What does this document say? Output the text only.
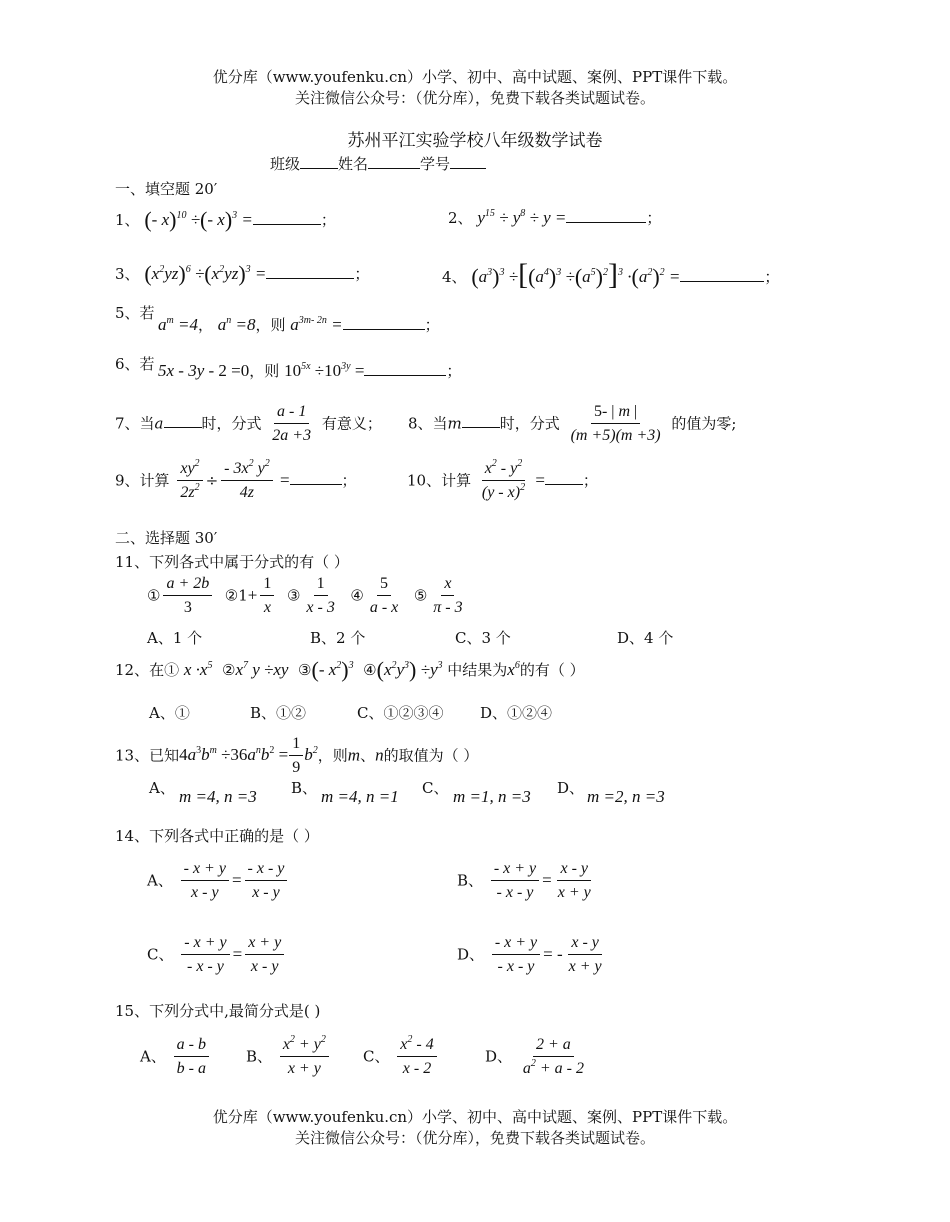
优分库（www.youfenku.cn）小学、初中、高中试题、案例、PPT课件下载。
关注微信公众号：（优分库），免费下载各类试题试卷。
苏州平江实验学校八年级数学试卷
班级	姓名	学号
一、填空题 20′
1、 (- x)$^{10}$ ÷(- x)$^3$ =	；	2、 $y^{15} \div y^8 \div y$ =	；
3、 $(x^2yz)^6 \div(x^2yz)^3$ =	；	4、 $(a^3)^3 \div[(a^4)^3 \div(a^5)^2]^3 \cdot(a^2)^2$ =	；
5、若
$a^m =4$， $a^n =8$，则 $a^{3m- 2n}$ =	；
6、若 5x - 3y - 2 =0，则 $10^{5x} \div 10^{3y}$ =	；
7、当a	时，分式 $\frac{a - 1}{2a +3}$ 有意义； 8、当m	时，分式 $\frac{5- | m |}{(m +5)(m +3)}$ 的值为零;
9、计算 $\frac{xy^2}{2z^2} \div \frac{- 3x^2 y^2}{4z}$ =	；	10、计算 $\frac{x^2 - y^2}{(y - x)^2}$ =	；
二、选择题 30′
11、下列各式中属于分式的有（ ）
① $\frac{a + 2b}{3}$ ②1+ $\frac{1}{x}$ ③ $\frac{1}{x - 3}$ ④ $\frac{5}{a - x}$ ⑤ $\frac{x}{\pi - 3}$
A、1 个	B、2 个	C、3 个	D、4 个
12、在① $x \cdot x^5$ $②x^7$ y ÷xy ③(- $x^2)^3$ $④(x^2y^3) \div y^3$ 中结果为$x^6$的有（ ）
A、①	B、①②	C、①②③④ D、①②④
13、已知$4a^3b^m \div 36a^nb^2 = \frac{1}{9} b^2$，则m、n的取值为（ ）
A、 m =4, n =3 B、 m =4, n =1 C、 m =1, n =3 D、 m =2, n =3
14、下列各式中正确的是（ ）
A、 $\frac{- x + y}{x - y} = \frac{- x - y}{x - y}$	B、 $\frac{- x + y}{- x - y} = \frac{x - y}{x + y}$
C、 $\frac{- x + y}{- x - y} = \frac{x + y}{x - y}$	D、 $\frac{- x + y}{- x - y}$ = - $\frac{x - y}{x + y}$
15、下列分式中,最简分式是( )
A、 $\frac{a - b}{b - a}$ B、 $\frac{x^2 + y^2}{x + y}$ C、 $\frac{x^2 - 4}{x - 2}$	D、 $\frac{2 + a}{a^2 + a - 2}$
优分库（www.youfenku.cn）小学、初中、高中试题、案例、PPT课件下载。
关注微信公众号：（优分库），免费下载各类试题试卷。
